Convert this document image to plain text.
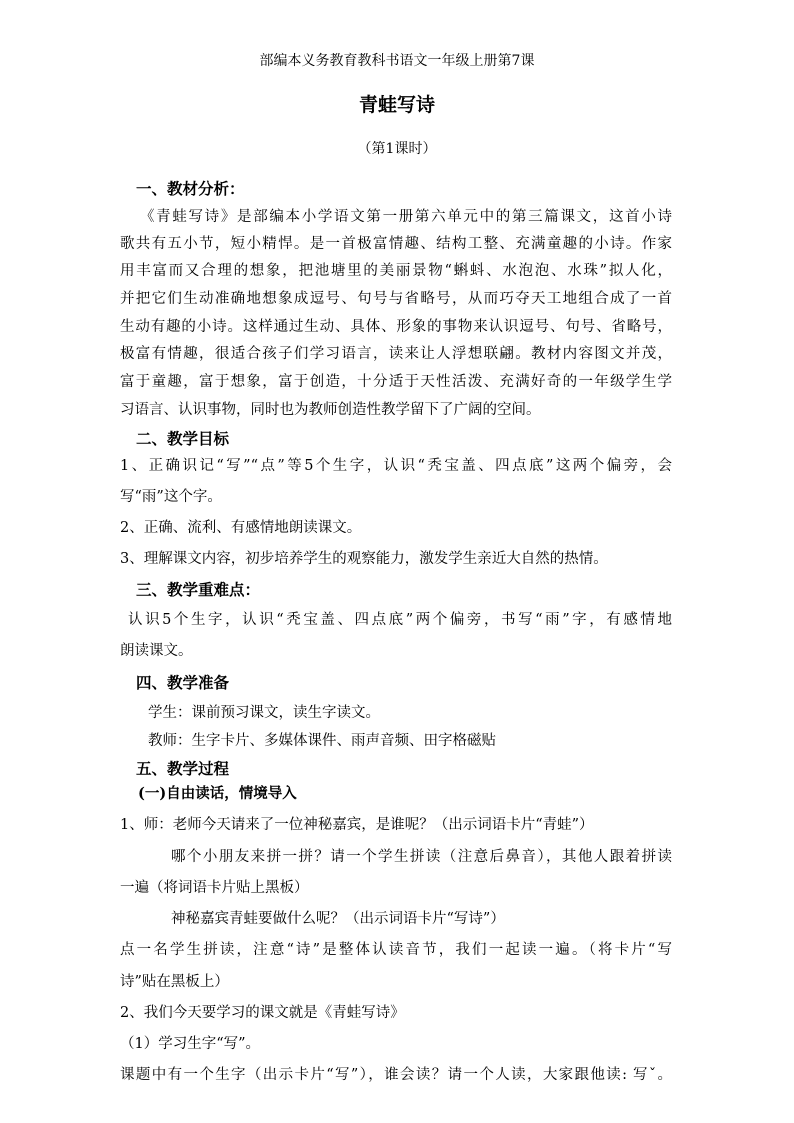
部编本义务教育教科书语文一年级上册第7课
青蛙写诗
（第1课时）
一、教材分析：
《青蛙写诗》是部编本小学语文第一册第六单元中的第三篇课文，这首小诗
歌共有五小节，短小精悍。是一首极富情趣、结构工整、充满童趣的小诗。作家
用丰富而又合理的想象，把池塘里的美丽景物“蝌蚪、水泡泡、水珠”拟人化，
并把它们生动准确地想象成逗号、句号与省略号，从而巧夺天工地组合成了一首
生动有趣的小诗。这样通过生动、具体、形象的事物来认识逗号、句号、省略号，
极富有情趣，很适合孩子们学习语言，读来让人浮想联翩。教材内容图文并茂，
富于童趣，富于想象，富于创造，十分适于天性活泼、充满好奇的一年级学生学
习语言、认识事物，同时也为教师创造性教学留下了广阔的空间。
二、教学目标
1、正确识记“写”“点”等5个生字，认识“秃宝盖、四点底”这两个偏旁，会
写“雨”这个字。
2、正确、流利、有感情地朗读课文。
3、理解课文内容，初步培养学生的观察能力，激发学生亲近大自然的热情。
三、教学重难点：
认识5个生字，认识“秃宝盖、四点底”两个偏旁，书写“雨”字，有感情地
朗读课文。
四、教学准备
学生：课前预习课文，读生字读文。
教师：生字卡片、多媒体课件、雨声音频、田字格磁贴
五、教学过程
(一)自由读话，情境导入
1、师：老师今天请来了一位神秘嘉宾，是谁呢？（出示词语卡片“青蛙”）
哪个小朋友来拼一拼？请一个学生拼读（注意后鼻音），其他人跟着拼读
一遍（将词语卡片贴上黑板）
神秘嘉宾青蛙要做什么呢？（出示词语卡片“写诗”）
点一名学生拼读，注意“诗”是整体认读音节，我们一起读一遍。（将卡片“写
诗”贴在黑板上）
2、我们今天要学习的课文就是《青蛙写诗》
（1）学习生字“写”。
课题中有一个生字（出示卡片“写”），谁会读？请一个人读，大家跟他读: 写ˇ。
